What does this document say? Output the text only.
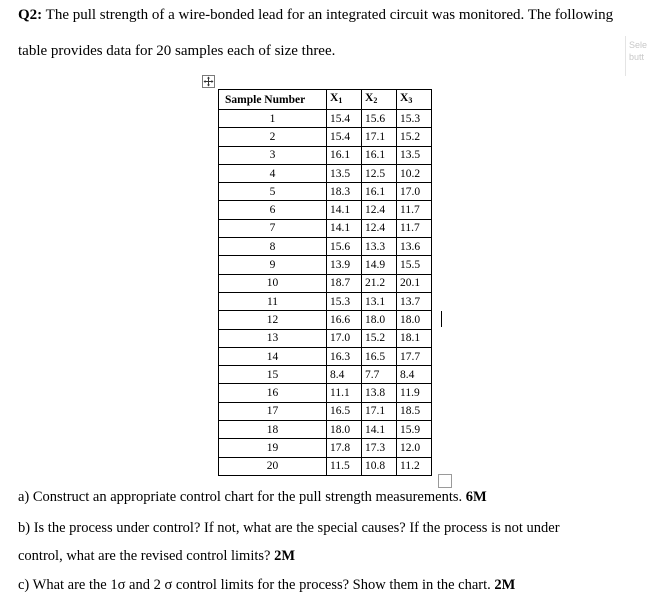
Q2: The pull strength of a wire-bonded lead for an integrated circuit was monitored. The following
table provides data for 20 samples each of size three.	Sele
butt
Sample Number	$X_1$	$X_2$	$X_3$
1	15.4	15.6	15.3
2	15.4	17.1	15.2
3	16.1	16.1	13.5
4	13.5	12.5	10.2
5	18.3	16.1	17.0
6	14.1	12.4	11.7
7	14.1	12.4	11.7
8	15.6	13.3	13.6
9	13.9	14.9	15.5
10	18.7	21.2	20.1
11	15.3	13.1	13.7
12	16.6	18.0	18.0
13	17.0	15.2	18.1
14	16.3	16.5	17.7
15	8.4	7.7	8.4
16	11.1	13.8	11.9
17	16.5	17.1	18.5
18	18.0	14.1	15.9
19	17.8	17.3	12.0
20	11.5	10.8	11.2
a) Construct an appropriate control chart for the pull strength measurements. 6M
b) Is the process under control? If not, what are the special causes? If the process is not under
control, what are the revised control limits? 2M
c) What are the 1σ and 2 σ control limits for the process? Show them in the chart. 2M
